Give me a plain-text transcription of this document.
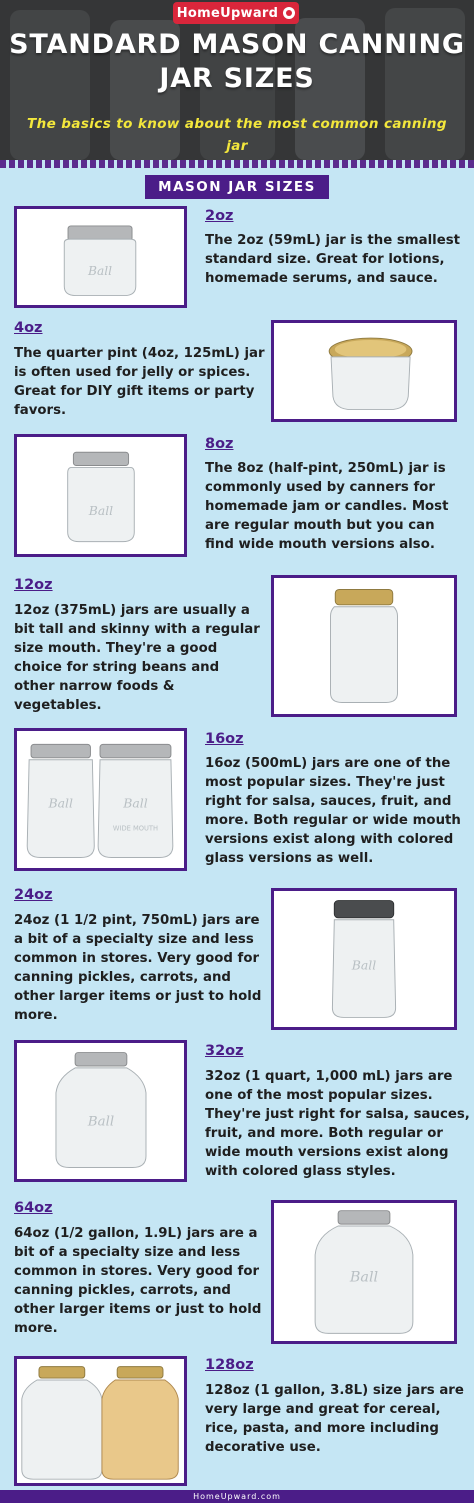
HomeUpward
STANDARD MASON CANNING
JAR SIZES
The basics to know about the most common canning jar
MASON JAR SIZES
Ball
2oz
The 2oz (59mL) jar is the smallest
standard size. Great for lotions,
homemade serums, and sauce.
4oz
The quarter pint (4oz, 125mL) jar
is often used for jelly or spices.
Great for DIY gift items or party
favors.
Ball
8oz
The 8oz (half-pint, 250mL) jar is
commonly used by canners for
homemade jam or candles. Most
are regular mouth but you can
find wide mouth versions also.
12oz
12oz (375mL) jars are usually a
bit tall and skinny with a regular
size mouth. They're a good
choice for string beans and
other narrow foods &
vegetables.
Ball	Ball
WIDE MOUTH
16oz
16oz (500mL) jars are one of the
most popular sizes. They're just
right for salsa, sauces, fruit, and
more. Both regular or wide mouth
versions exist along with colored
glass versions as well.
24oz
24oz (1 1/2 pint, 750mL) jars are
a bit of a specialty size and less
common in stores. Very good for
canning pickles, carrots, and
other larger items or just to hold
more.
Ball
Ball
32oz
32oz (1 quart, 1,000 mL) jars are
one of the most popular sizes.
They're just right for salsa, sauces,
fruit, and more. Both regular or
wide mouth versions exist along
with colored glass styles.
64oz
64oz (1/2 gallon, 1.9L) jars are a
bit of a specialty size and less
common in stores. Very good for
canning pickles, carrots, and
other larger items or just to hold
more.
Ball
128oz
128oz (1 gallon, 3.8L) size jars are
very large and great for cereal,
rice, pasta, and more including
decorative use.
HomeUpward.com
